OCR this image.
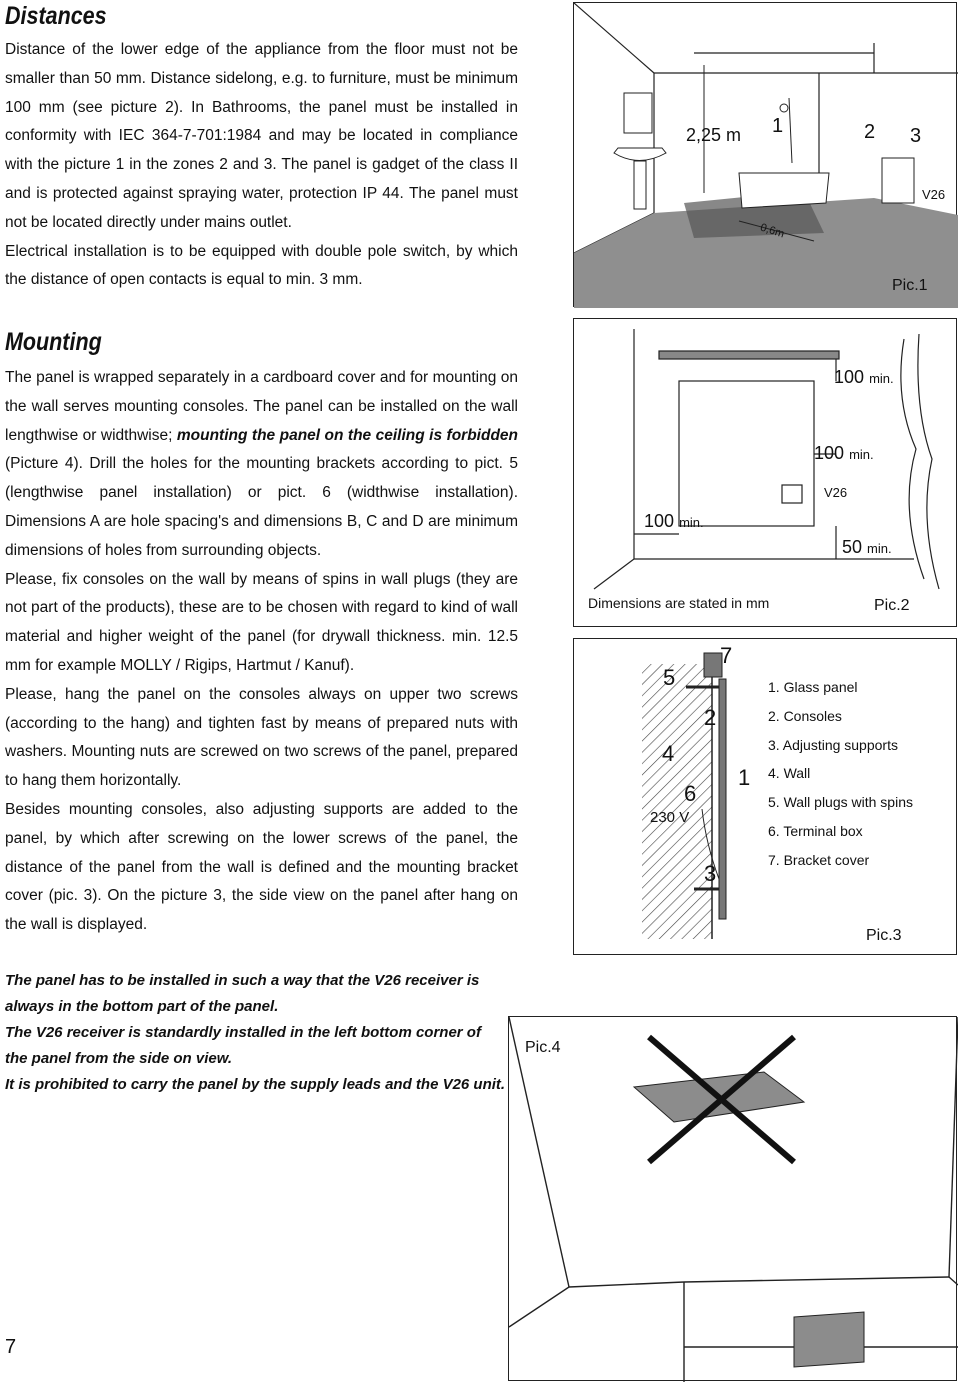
Distances

Distance of the lower edge of the appliance from the floor must not be smaller than 50 mm. Distance sidelong, e.g. to furniture, must be minimum 100 mm (see picture 2). In Bathrooms, the panel must be installed in conformity with IEC 364-7-701:1984 and may be located in compliance with the picture 1 in the zones 2 and 3. The panel is gadget of the class II and is protected against spraying water, protection IP 44. The panel must not be located directly under mains outlet.

Electrical installation is to be equipped with double pole switch, by which the distance of open contacts is equal to min. 3 mm.

Mounting

The panel is wrapped separately in a cardboard cover and for mounting on the wall serves mounting consoles. The panel can be installed on the wall lengthwise or widthwise; mounting the panel on the ceiling is forbidden (Picture 4). Drill the holes for the mounting brackets according to pict. 5 (lengthwise panel installation) or pict. 6 (widthwise installation). Dimensions A are hole spacing's and dimensions B, C and D are minimum dimensions of holes from surrounding objects.

Please, fix consoles on the wall by means of spins in wall plugs (they are not part of the products), these are to be chosen with regard to kind of wall material and higher weight of the panel (for drywall thickness. min. 12.5 mm for example MOLLY / Rigips, Hartmut / Kanuf).

Please, hang the panel on the consoles always on upper two screws (according to the hang) and tighten fast by means of prepared nuts with washers. Mounting nuts are screwed on two screws of the panel, prepared to hang them horizontally.

Besides mounting consoles, also adjusting supports are added to the panel, by which after screwing on the lower screws of the panel, the distance of the panel from the wall is defined and the mounting bracket cover (pic. 3). On the picture 3, the side view on the panel after hang on the wall is displayed.

The panel has to be installed in such a way that the V26 receiver is always in the bottom part of the panel.

The V26 receiver is standardly installed in the left bottom corner of the panel from the side on view.

It is prohibited to carry the panel by the supply leads and the V26 unit.

7
2,25 m 1	2 3
V26
0,6m
Pic.1
100 min.
100 min.
100 min.
50 min.
V26
Dimensions are stated in mm	Pic.2
5
7
2
4
1
6
230 V
3
1. Glass panel
2. Consoles
3. Adjusting supports
4. Wall
5. Wall plugs with spins
6. Terminal box
7. Bracket cover
Pic.3
Pic.4
